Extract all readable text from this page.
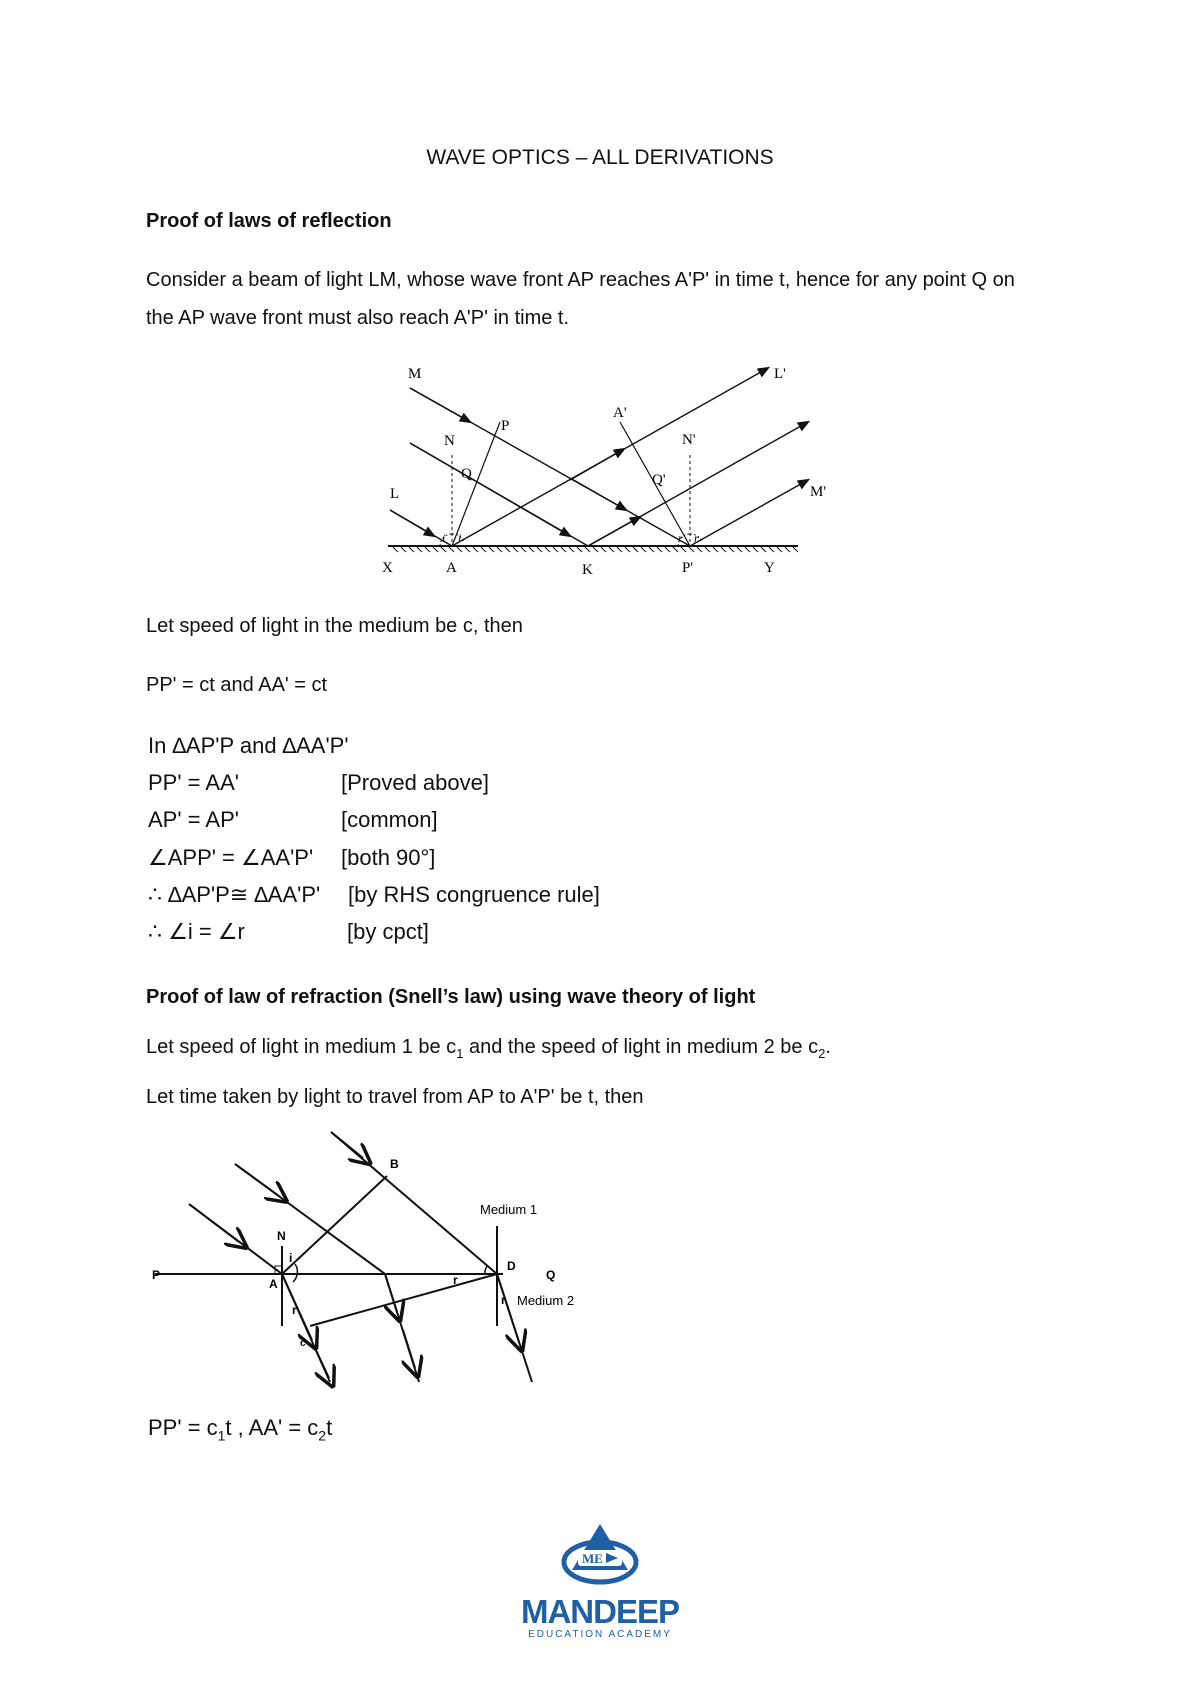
WAVE OPTICS – ALL DERIVATIONS
Proof of laws of reflection
Consider a beam of light LM, whose wave front AP reaches A'P' in time t, hence for any point Q on the AP wave front must also reach A'P' in time t.
M	L'
A'
P
N	N'
Q	Q'
L	M'
i i	r r
X	A	K	P'	Y
Let speed of light in the medium be c, then
PP' = ct and AA' = ct
In ∆AP'P and ∆AA'P'
PP' = AA'	[Proved above]
AP' = AP'	[common]
∠APP' = ∠AA'P' [both 90°]
∴ ∆AP'P≅ ∆AA'P' [by RHS congruence rule]
∴ ∠i = ∠r	[by cpct]
Proof of law of refraction (Snell’s law) using wave theory of light
Let speed of light in medium 1 be $c_1$ and the speed of light in medium 2 be $c_2$.
Let time taken by light to travel from AP to A'P' be t, then
B
Medium 1
N
i
P
A
D
Q
r
r Medium 2
r
c
$PP' = c_1t$ , $AA' = c_2t$
ME
MANDEEP
EDUCATION ACADEMY
